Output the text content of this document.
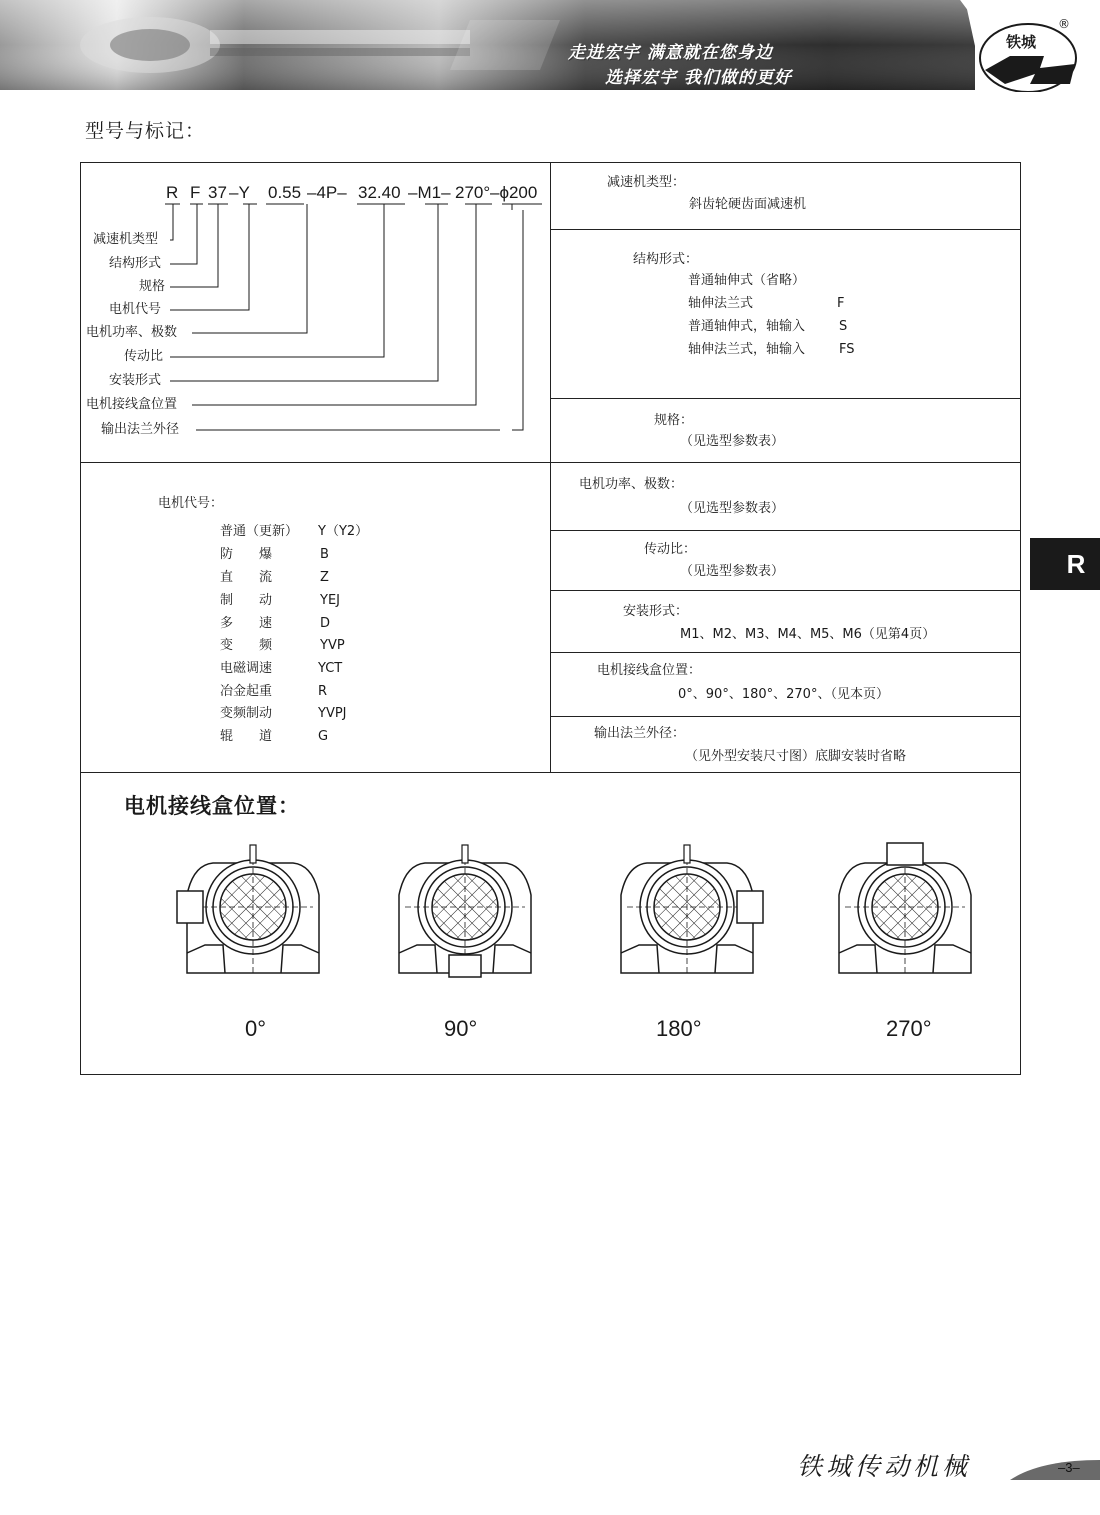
走进宏宇 满意就在您身边
选择宏宇 我们做的更好
铁城
®
型号与标记：
R F 37 –Y 0.55 –4P– 32.40 –M1– 270° –ϕ200
减速机类型
结构形式
规格
电机代号
电机功率、极数
传动比
安装形式
电机接线盒位置
输出法兰外径
电机代号：
普通（更新） Y（Y2）
防　　爆	B
直　　流	Z
制　　动	YEJ
多　　速	D
变　　频	YVP
电磁调速	YCT
冶金起重	R
变频制动	YVPJ
辊　　道	G
减速机类型：
斜齿轮硬齿面减速机
结构形式：
普通轴伸式（省略）
轴伸法兰式	F
普通轴伸式，轴输入	S
轴伸法兰式，轴输入	FS
规格：
（见选型参数表）
电机功率、极数：
（见选型参数表）
传动比：
（见选型参数表）
安装形式：
M1、M2、M3、M4、M5、M6（见第4页）
电机接线盒位置：
0°、90°、180°、270°、（见本页）
输出法兰外径：
（见外型安装尺寸图）底脚安装时省略
电机接线盒位置：
0°	90°	180°	270°
R
铁城传动机械	–3–
